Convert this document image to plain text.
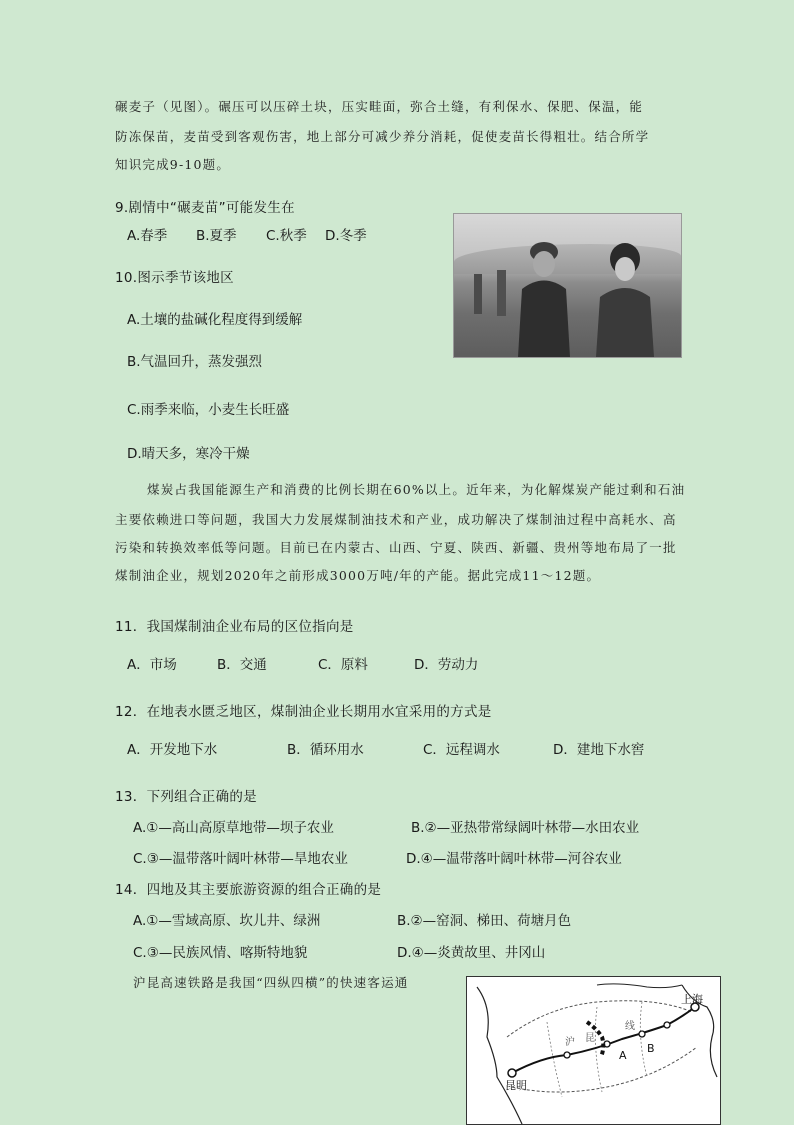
碾麦子（见图）。碾压可以压碎土块，压实畦面，弥合土缝，有利保水、保肥、保温，能
防冻保苗，麦苗受到客观伤害，地上部分可减少养分消耗，促使麦苗长得粗壮。结合所学
知识完成9-10题。
9.剧情中“碾麦苗”可能发生在
A.春季 B.夏季 C.秋季 D.冬季
10.图示季节该地区
A.土壤的盐碱化程度得到缓解
B.气温回升，蒸发强烈
C.雨季来临，小麦生长旺盛
D.晴天多，寒冷干燥
煤炭占我国能源生产和消费的比例长期在60%以上。近年来，为化解煤炭产能过剩和石油
主要依赖进口等问题，我国大力发展煤制油技术和产业，成功解决了煤制油过程中高耗水、高
污染和转换效率低等问题。目前已在内蒙古、山西、宁夏、陕西、新疆、贵州等地布局了一批
煤制油企业，规划2020年之前形成3000万吨/年的产能。据此完成11～12题。
11．我国煤制油企业布局的区位指向是
A．市场	B．交通	C．原料	D．劳动力
12．在地表水匮乏地区，煤制油企业长期用水宜采用的方式是
A．开发地下水	B．循环用水	C．远程调水	D．建地下水窖
13．下列组合正确的是
A.①—高山高原草地带—坝子农业	B.②—亚热带常绿阔叶林带—水田农业
C.③—温带落叶阔叶林带—旱地农业	D.④—温带落叶阔叶林带—河谷农业
14．四地及其主要旅游资源的组合正确的是
A.①—雪域高原、坎儿井、绿洲	B.②—窑洞、梯田、荷塘月色
C.③—民族风情、喀斯特地貌	D.④—炎黄故里、井冈山
沪昆高速铁路是我国“四纵四横”的快速客运通
昆明
上海
A
B
沪 昆
线
